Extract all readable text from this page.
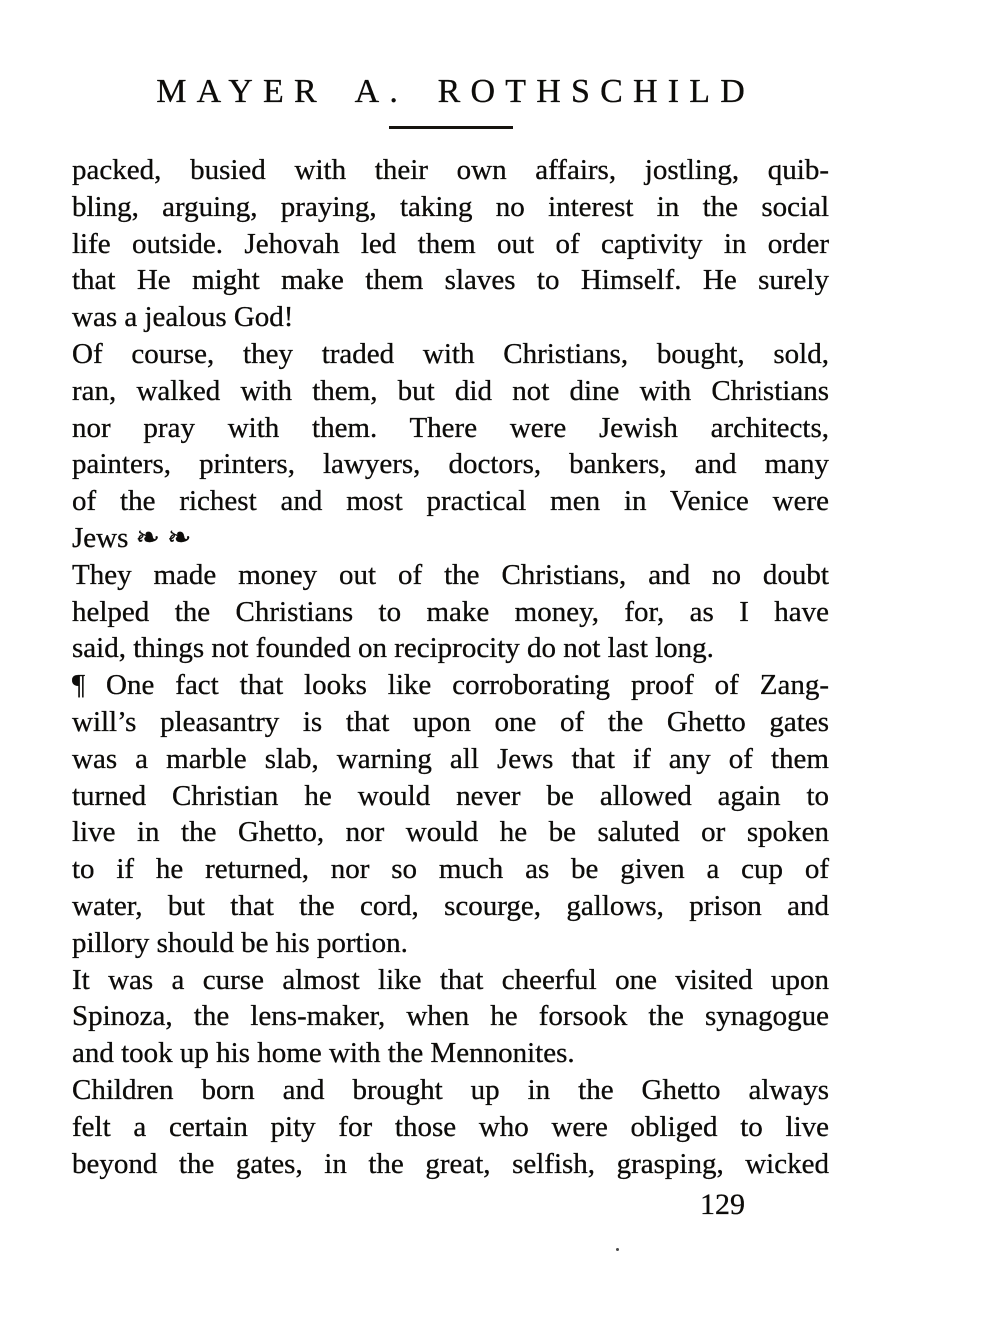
MAYER A. ROTHSCHILD
packed, busied with their own affairs, jostling, quib-
bling, arguing, praying, taking no interest in the social
life outside. Jehovah led them out of captivity in order
that He might make them slaves to Himself. He surely
was a jealous God!
Of course, they traded with Christians, bought, sold,
ran, walked with them, but did not dine with Christians
nor pray with them. There were Jewish architects,
painters, printers, lawyers, doctors, bankers, and many
of the richest and most practical men in Venice were
Jews ❧ ❧
They made money out of the Christians, and no doubt
helped the Christians to make money, for, as I have
said, things not founded on reciprocity do not last long.
¶ One fact that looks like corroborating proof of Zang-
will’s pleasantry is that upon one of the Ghetto gates
was a marble slab, warning all Jews that if any of them
turned Christian he would never be allowed again to
live in the Ghetto, nor would he be saluted or spoken
to if he returned, nor so much as be given a cup of
water, but that the cord, scourge, gallows, prison and
pillory should be his portion.
It was a curse almost like that cheerful one visited upon
Spinoza, the lens-maker, when he forsook the synagogue
and took up his home with the Mennonites.
Children born and brought up in the Ghetto always
felt a certain pity for those who were obliged to live
beyond the gates, in the great, selfish, grasping, wicked
129
